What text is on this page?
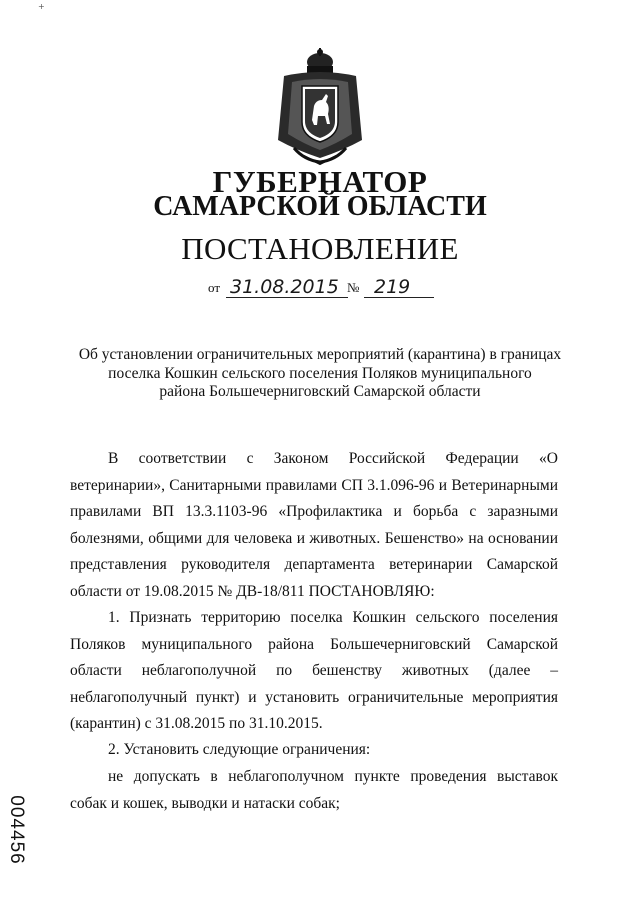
+
ГУБЕРНАТОР
САМАРСКОЙ ОБЛАСТИ
ПОСТАНОВЛЕНИЕ
от 31.08.2015 № 219
Об установлении ограничительных мероприятий (карантина) в границах
поселка Кошкин сельского поселения Поляков муниципального
района Большечерниговский Самарской области
В соответствии с Законом Российской Федерации «О ветеринарии», Санитарными правилами СП 3.1.096-96 и Ветеринарными правилами ВП 13.3.1103-96 «Профилактика и борьба с заразными болезнями, общими для человека и животных. Бешенство» на основании представления руководителя департамента ветеринарии Самарской области от 19.08.2015 № ДВ-18/811 ПОСТАНОВЛЯЮ:
1. Признать территорию поселка Кошкин сельского поселения Поляков муниципального района Большечерниговский Самарской области неблагополучной по бешенству животных (далее – неблагополучный пункт) и установить ограничительные мероприятия (карантин) с 31.08.2015 по 31.10.2015.
2. Установить следующие ограничения:
не допускать в неблагополучном пункте проведения выставок собак и кошек, выводки и натаски собак;
004456
